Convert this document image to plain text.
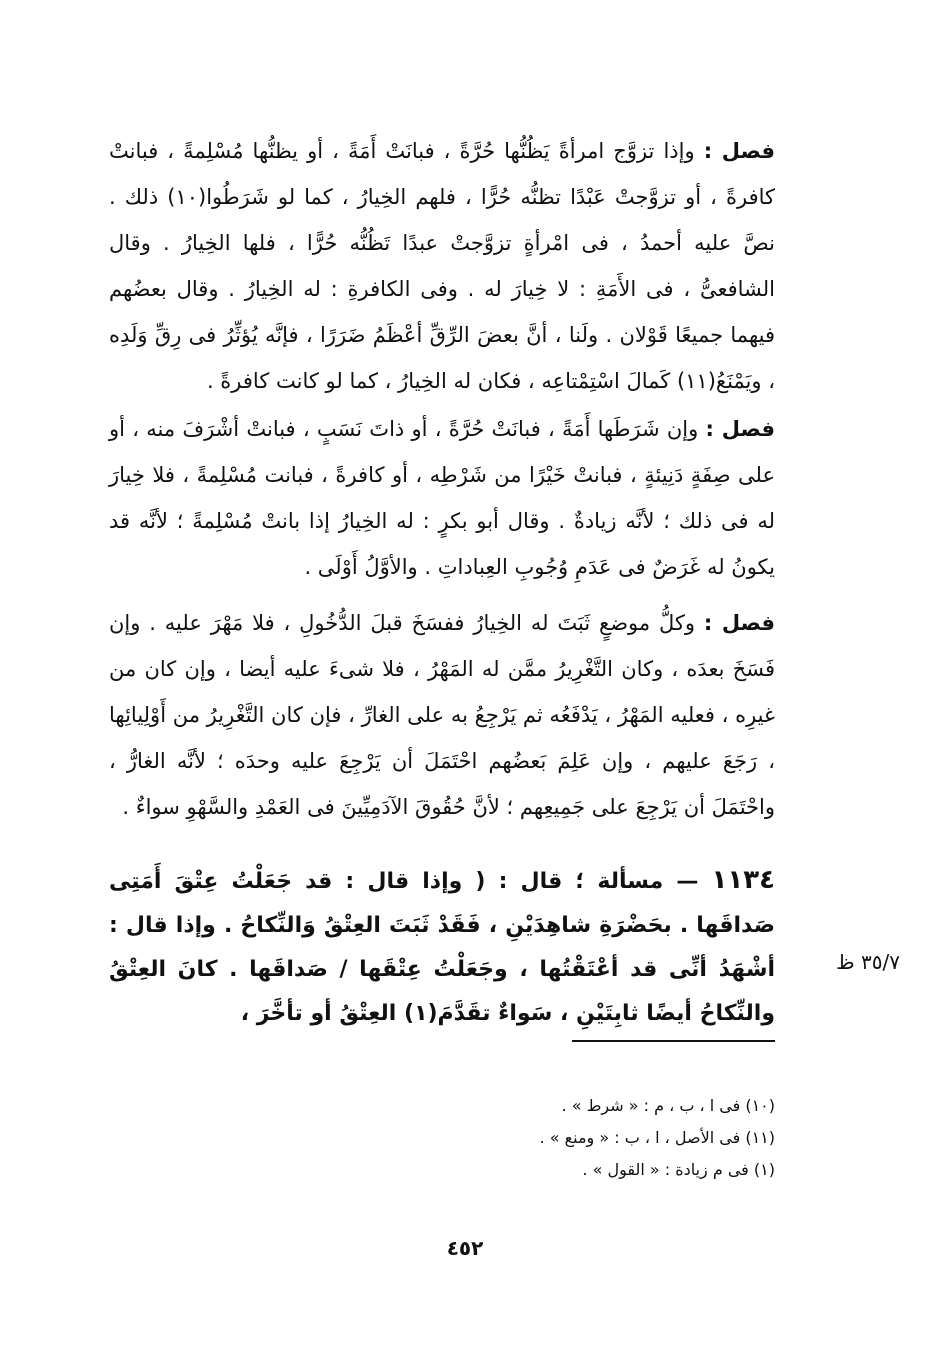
فصل : وإذا تزوَّج امرأةً يَظُنُّها حُرَّةً ، فبانَتْ أَمَةً ، أو يظنُّها مُسْلِمةً ، فبانتْ كافرةً ، أو تزوَّجتْ عَبْدًا تظنُّه حُرًّا ، فلهم الخِيارُ ، كما لو شَرَطُوا(١٠) ذلك . نصَّ عليه أحمدُ ، فى امْرأةٍ تزوَّجتْ عبدًا تَظُنُّه حُرًّا ، فلها الخِيارُ . وقال الشافعىُّ ، فى الأَمَةِ : لا خِيارَ له . وفى الكافرةِ : له الخِيارُ . وقال بعضُهم فيهما جميعًا قَوْلان . ولَنا ، أنَّ بعضَ الرِّقِّ أعْظَمُ ضَرَرًا ، فإنَّه يُؤثِّرُ فى رِقِّ وَلَدِه ، ويَمْنَعُ(١١) كَمالَ اسْتِمْتاعِه ، فكان له الخِيارُ ، كما لو كانت كافرةً .

فصل : وإن شَرَطَها أَمَةً ، فبانَتْ حُرَّةً ، أو ذاتَ نَسَبٍ ، فبانتْ أشْرَفَ منه ، أو على صِفَةٍ دَنِيئةٍ ، فبانتْ خَيْرًا من شَرْطِه ، أو كافرةً ، فبانت مُسْلِمةً ، فلا خِيارَ له فى ذلك ؛ لأنَّه زيادةٌ . وقال أبو بكرٍ : له الخِيارُ إذا بانتْ مُسْلِمةً ؛ لأنَّه قد يكونُ له غَرَضٌ فى عَدَمِ وُجُوبِ العِباداتِ . والأوَّلُ أَوْلَى .

فصل : وكلُّ موضعٍ ثَبَتَ له الخِيارُ ففسَخَ قبلَ الدُّخُولِ ، فلا مَهْرَ عليه . وإن فَسَخَ بعدَه ، وكان التَّغْرِيرُ ممَّن له المَهْرُ ، فلا شىءَ عليه أيضا ، وإن كان من غيرِه ، فعليه المَهْرُ ، يَدْفَعُه ثم يَرْجِعُ به على الغارِّ ، فإن كان التَّغْرِيرُ من أَوْلِيائِها ، رَجَعَ عليهم ، وإن عَلِمَ بَعضُهم احْتَمَلَ أن يَرْجِعَ عليه وحدَه ؛ لأنَّه الغارُّ ، واحْتَمَلَ أن يَرْجِعَ على جَمِيعِهم ؛ لأنَّ حُقُوقَ الآدَمِيِّينَ فى العَمْدِ والسَّهْوِ سواءٌ .

١١٣٤ — مسألة ؛ قال : ( وإذا قال : قد جَعَلْتُ عِتْقَ أَمَتِى صَداقَها . بحَضْرَةِ شاهِدَيْنِ ، فَقَدْ ثَبَتَ العِتْقُ وَالنِّكاحُ . وإذا قال : أشْهَدُ أنِّى قد أعْتَقْتُها ، وجَعَلْتُ عِتْقَها / صَداقَها . كانَ العِتْقُ والنِّكاحُ أيضًا ثابِتَيْنِ ، سَواءٌ تقَدَّمَ(١) العِتْقُ أو تأخَّرَ ،

٣٥/٧ ظ

(١٠) فى ا ، ب ، م : « شرط » .

(١١) فى الأصل ، ا ، ب : « ومنع » .

(١) فى م زيادة : « القول » .

٤٥٢
